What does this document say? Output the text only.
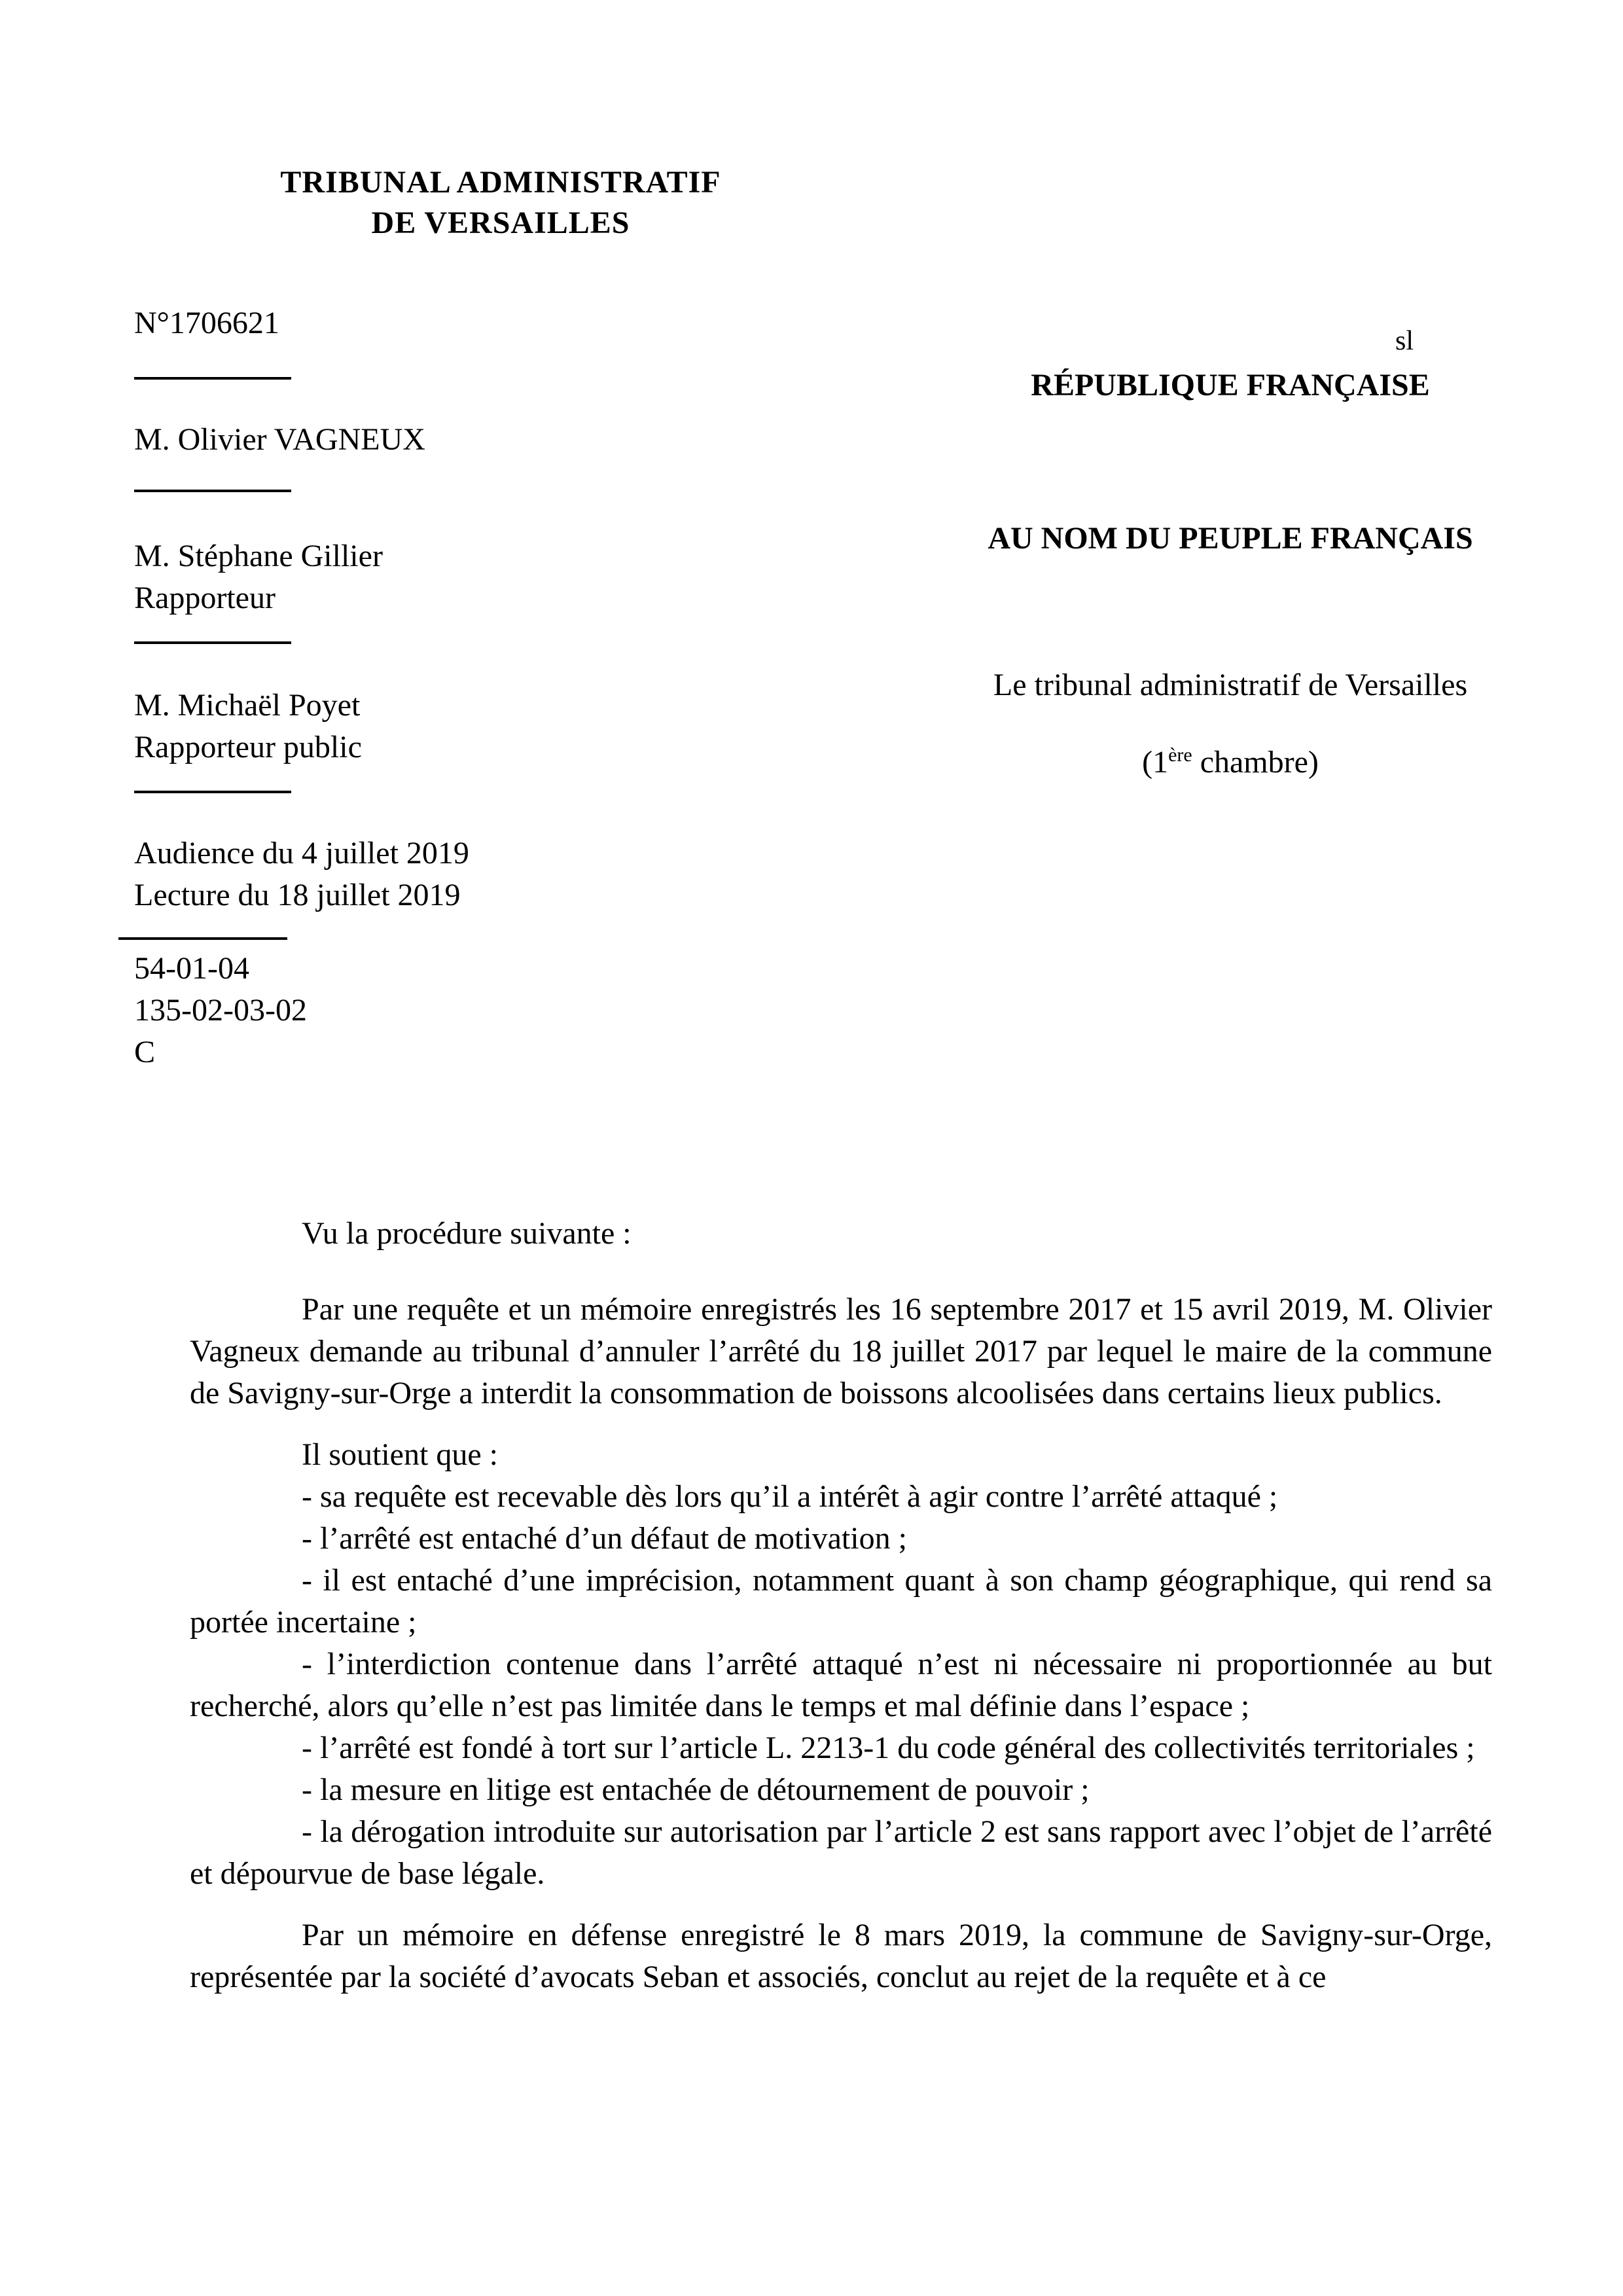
TRIBUNAL ADMINISTRATIF
DE VERSAILLES
N°1706621
M. Olivier VAGNEUX
M. Stéphane Gillier
Rapporteur
M. Michaël Poyet
Rapporteur public
Audience du 4 juillet 2019
Lecture du 18 juillet 2019
54-01-04
135-02-03-02
C
sl
RÉPUBLIQUE FRANÇAISE
AU NOM DU PEUPLE FRANÇAIS
Le tribunal administratif de Versailles
(1ère chambre)

Vu la procédure suivante :

Par une requête et un mémoire enregistrés les 16 septembre 2017 et 15 avril 2019, M. Olivier Vagneux demande au tribunal d’annuler l’arrêté du 18 juillet 2017 par lequel le maire de la commune de Savigny-sur-Orge a interdit la consommation de boissons alcoolisées dans certains lieux publics.

Il soutient que :

- sa requête est recevable dès lors qu’il a intérêt à agir contre l’arrêté attaqué ;

- l’arrêté est entaché d’un défaut de motivation ;

- il est entaché d’une imprécision, notamment quant à son champ géographique, qui rend sa portée incertaine ;

- l’interdiction contenue dans l’arrêté attaqué n’est ni nécessaire ni proportionnée au but recherché, alors qu’elle n’est pas limitée dans le temps et mal définie dans l’espace ;

- l’arrêté est fondé à tort sur l’article L. 2213-1 du code général des collectivités territoriales ;

- la mesure en litige est entachée de détournement de pouvoir ;

- la dérogation introduite sur autorisation par l’article 2 est sans rapport avec l’objet de l’arrêté et dépourvue de base légale.

Par un mémoire en défense enregistré le 8 mars 2019, la commune de Savigny-sur-Orge, représentée par la société d’avocats Seban et associés, conclut au rejet de la requête et à ce
